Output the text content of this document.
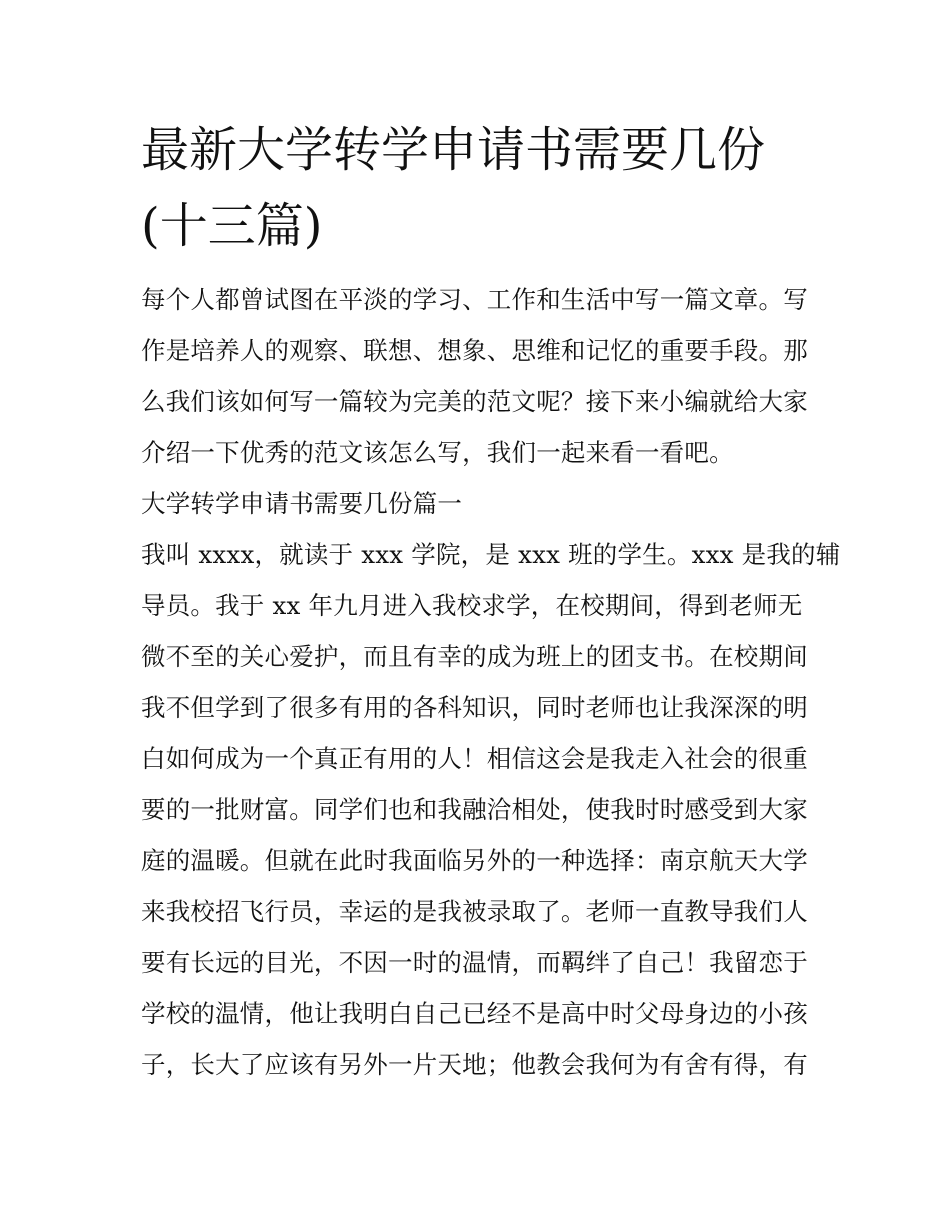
最新大学转学申请书需要几份
(十三篇)
每个人都曾试图在平淡的学习、工作和生活中写一篇文章。写
作是培养人的观察、联想、想象、思维和记忆的重要手段。那
么我们该如何写一篇较为完美的范文呢？接下来小编就给大家
介绍一下优秀的范文该怎么写，我们一起来看一看吧。
大学转学申请书需要几份篇一
我叫 xxxx，就读于 xxx 学院，是 xxx 班的学生。xxx 是我的辅
导员。我于 xx 年九月进入我校求学，在校期间，得到老师无
微不至的关心爱护，而且有幸的成为班上的团支书。在校期间
我不但学到了很多有用的各科知识，同时老师也让我深深的明
白如何成为一个真正有用的人！相信这会是我走入社会的很重
要的一批财富。同学们也和我融洽相处，使我时时感受到大家
庭的温暖。但就在此时我面临另外的一种选择：南京航天大学
来我校招飞行员，幸运的是我被录取了。老师一直教导我们人
要有长远的目光，不因一时的温情，而羁绊了自己！我留恋于
学校的温情，他让我明白自己已经不是高中时父母身边的小孩
子，长大了应该有另外一片天地；他教会我何为有舍有得，有
